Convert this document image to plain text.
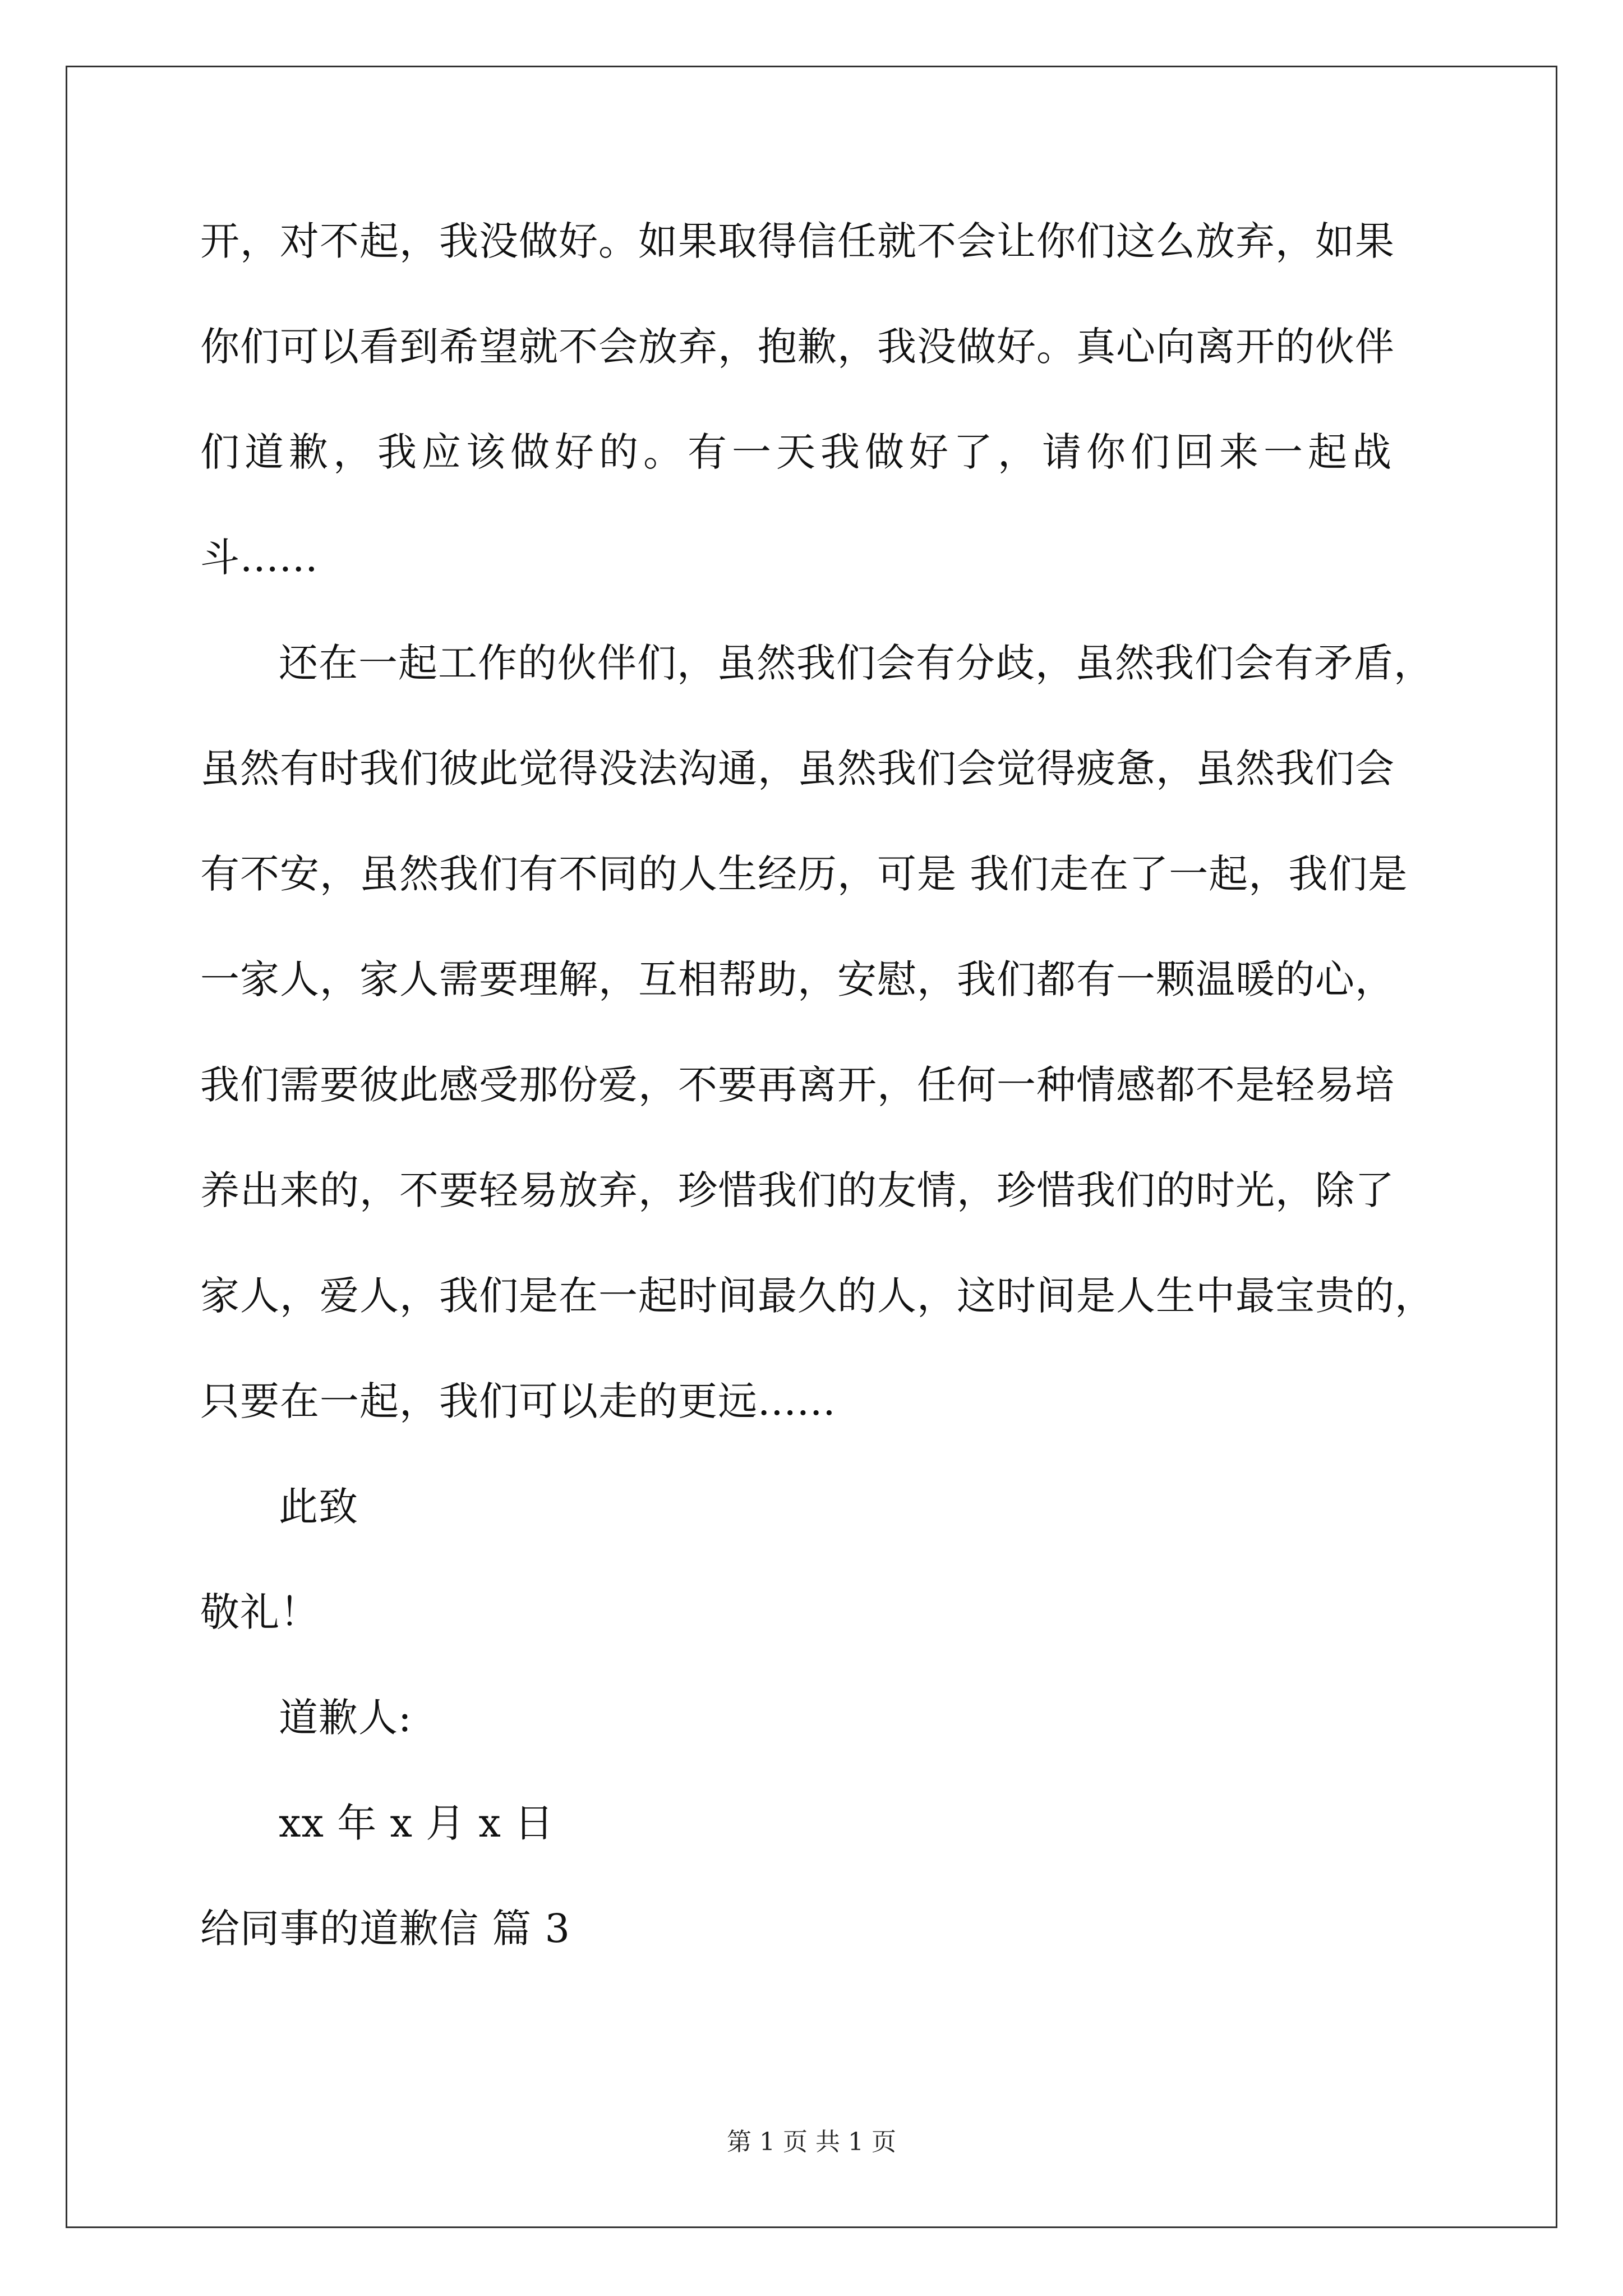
开，对不起，我没做好。如果取得信任就不会让你们这么放弃，如果
你们可以看到希望就不会放弃，抱歉，我没做好。真心向离开的伙伴
们道歉，我应该做好的。有一天我做好了，请你们回来一起战
斗......
还在一起工作的伙伴们，虽然我们会有分歧，虽然我们会有矛盾，
虽然有时我们彼此觉得没法沟通，虽然我们会觉得疲惫，虽然我们会
有不安，虽然我们有不同的人生经历，可是 我们走在了一起，我们是
一家人，家人需要理解，互相帮助，安慰，我们都有一颗温暖的心，
我们需要彼此感受那份爱，不要再离开，任何一种情感都不是轻易培
养出来的，不要轻易放弃，珍惜我们的友情，珍惜我们的时光，除了
家人，爱人，我们是在一起时间最久的人，这时间是人生中最宝贵的，
只要在一起，我们可以走的更远......
此致
敬礼！
道歉人:
xx 年 x 月 x 日
给同事的道歉信 篇 3
第 1 页 共 1 页
